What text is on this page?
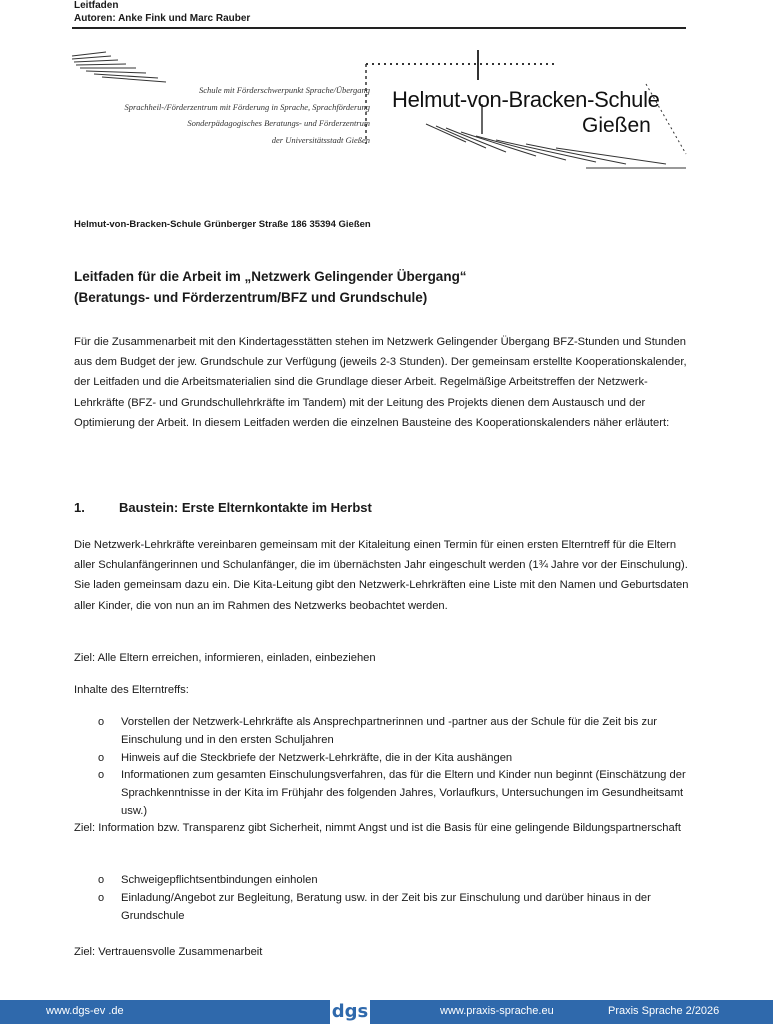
Leitfaden
Autoren: Anke Fink und Marc Rauber
Schule mit Förderschwerpunkt Sprache/Übergang
Sprachheil-/Förderzentrum mit Förderung in Sprache, Sprachförderung
Sonderpädagogisches Beratungs- und Förderzentrum
der Universitätsstadt Gießen
Helmut-von-Bracken-Schule
Gießen
Helmut-von-Bracken-Schule Grünberger Straße 186 35394 Gießen
Leitfaden für die Arbeit im „Netzwerk Gelingender Übergang“
(Beratungs- und Förderzentrum/BFZ und Grundschule)
Für die Zusammenarbeit mit den Kindertagesstätten stehen im Netzwerk Gelingender Übergang BFZ-Stunden und Stunden aus dem Budget der jew. Grundschule zur Verfügung (jeweils 2-3 Stunden). Der gemeinsam erstellte Kooperationskalender, der Leitfaden und die Arbeitsmaterialien sind die Grundlage dieser Arbeit. Regelmäßige Arbeitstreffen der Netzwerk-Lehrkräfte (BFZ- und Grundschullehrkräfte im Tandem) mit der Leitung des Projekts dienen dem Austausch und der Optimierung der Arbeit. In diesem Leitfaden werden die einzelnen Bausteine des Kooperationskalenders näher erläutert:
1.	Baustein: Erste Elternkontakte im Herbst
Die Netzwerk-Lehrkräfte vereinbaren gemeinsam mit der Kitaleitung einen Termin für einen ersten Elterntreff für die Eltern aller Schulanfängerinnen und Schulanfänger, die im übernächsten Jahr eingeschult werden (1¾ Jahre vor der Einschulung). Sie laden gemeinsam dazu ein. Die Kita-Leitung gibt den Netzwerk-Lehrkräften eine Liste mit den Namen und Geburtsdaten aller Kinder, die von nun an im Rahmen des Netzwerks beobachtet werden.
Ziel: Alle Eltern erreichen, informieren, einladen, einbeziehen
Inhalte des Elterntreffs:
o Vorstellen der Netzwerk-Lehrkräfte als Ansprechpartnerinnen und -partner aus der Schule für die Zeit bis zur Einschulung und in den ersten Schuljahren
o Hinweis auf die Steckbriefe der Netzwerk-Lehrkräfte, die in der Kita aushängen
o Informationen zum gesamten Einschulungsverfahren, das für die Eltern und Kinder nun beginnt (Einschätzung der Sprachkenntnisse in der Kita im Frühjahr des folgenden Jahres, Vorlaufkurs, Untersuchungen im Gesundheitsamt usw.)
Ziel: Information bzw. Transparenz gibt Sicherheit, nimmt Angst und ist die Basis für eine gelingende Bildungspartnerschaft
o Schweigepflichtsentbindungen einholen
o Einladung/Angebot zur Begleitung, Beratung usw. in der Zeit bis zur Einschulung und darüber hinaus in der Grundschule
Ziel: Vertrauensvolle Zusammenarbeit
www.dgs-ev .de	dgs	www.praxis-sprache.eu	Praxis Sprache 2/2026
